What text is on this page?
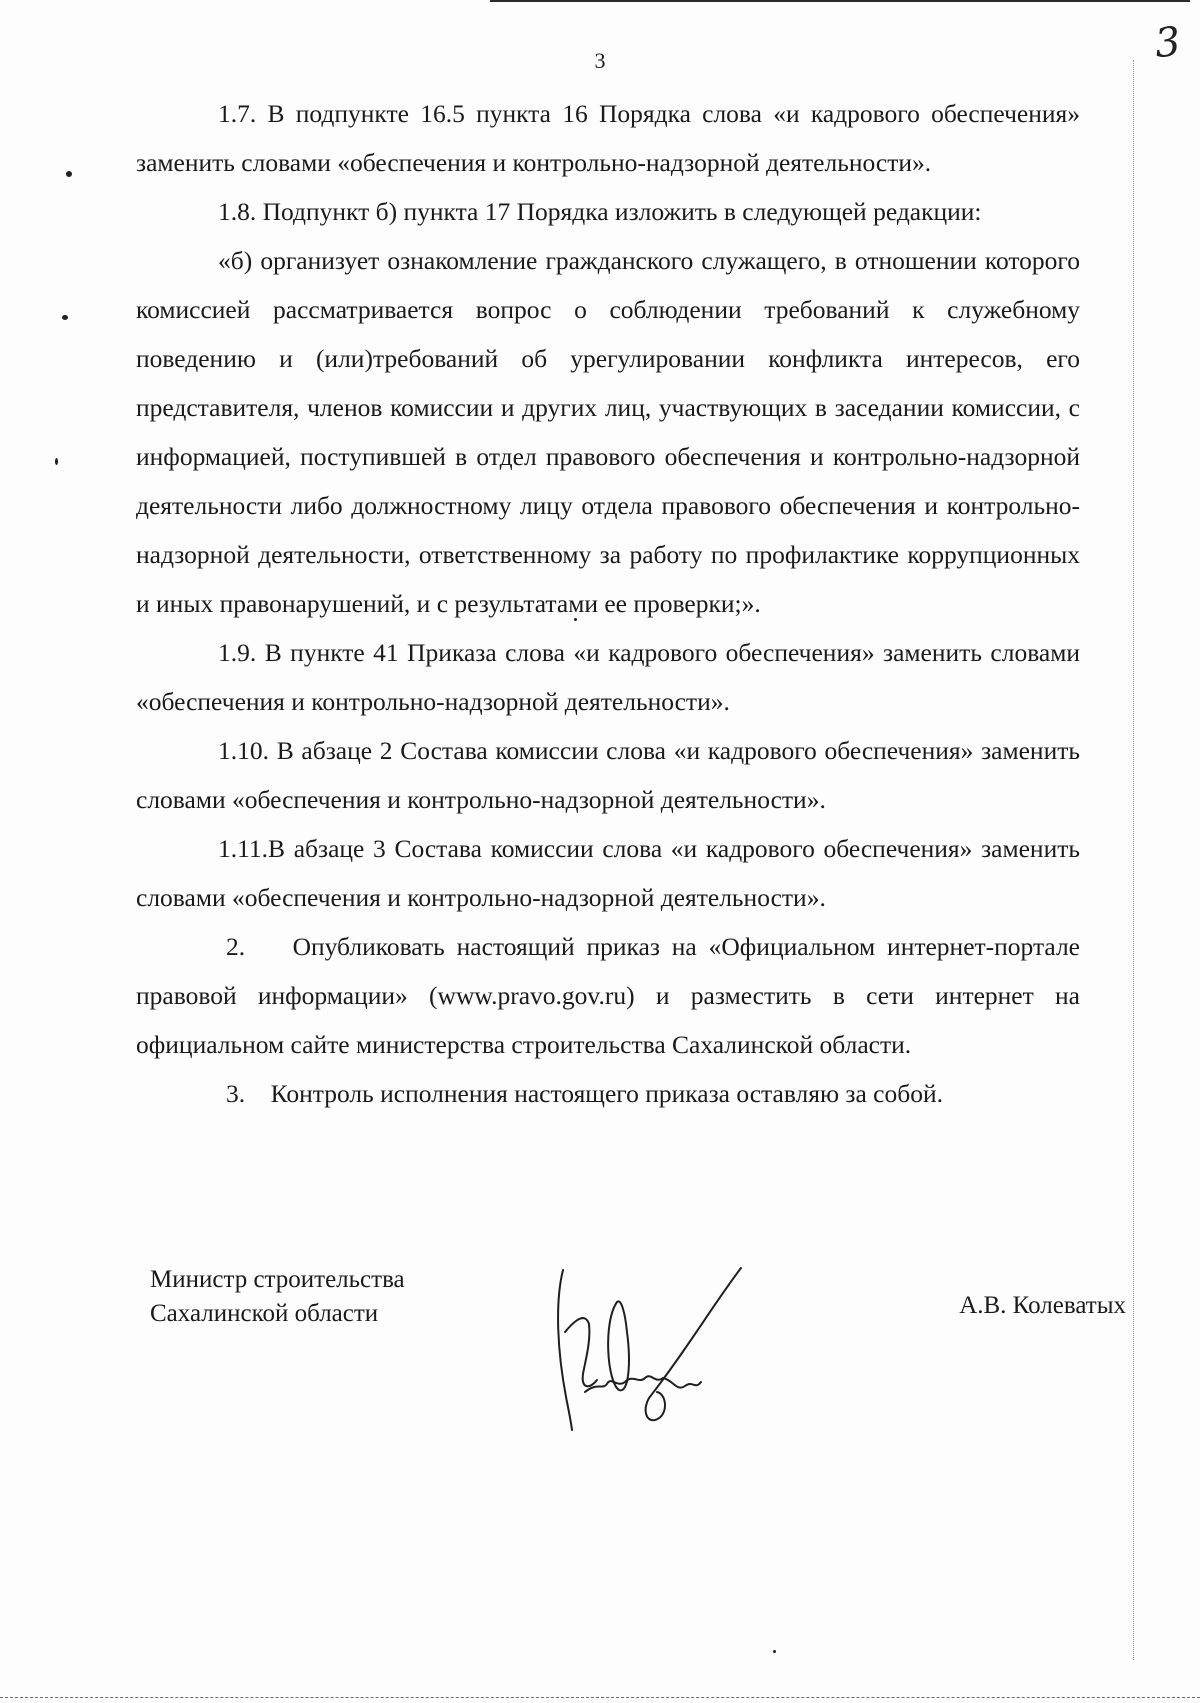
3	3

1.7. В подпункте 16.5 пункта 16 Порядка слова «и кадрового обеспечения» заменить словами «обеспечения и контрольно-надзорной деятельности».

1.8. Подпункт б) пункта 17 Порядка изложить в следующей редакции:

«б) организует ознакомление гражданского служащего, в отношении которого комиссией рассматривается вопрос о соблюдении требований к служебному поведению и (или)требований об урегулировании конфликта интересов, его представителя, членов комиссии и других лиц, участвующих в заседании комиссии, с информацией, поступившей в отдел правового обеспечения и контрольно-надзорной деятельности либо должностному лицу отдела правового обеспечения и контрольно-надзорной деятельности, ответственному за работу по профилактике коррупционных и иных правонарушений, и с результатами ее проверки;».

1.9. В пункте 41 Приказа слова «и кадрового обеспечения» заменить словами «обеспечения и контрольно-надзорной деятельности».

1.10. В абзаце 2 Состава комиссии слова «и кадрового обеспечения» заменить словами «обеспечения и контрольно-надзорной деятельности».

1.11.В абзаце 3 Состава комиссии слова «и кадрового обеспечения» заменить словами «обеспечения и контрольно-надзорной деятельности».

2.    Опубликовать настоящий приказ на «Официальном интернет-портале правовой информации» (www.pravo.gov.ru) и разместить в сети интернет на официальном сайте министерства строительства Сахалинской области.

3.    Контроль исполнения настоящего приказа оставляю за собой.

Министр строительства
Сахалинской области	А.В. Колеватых
